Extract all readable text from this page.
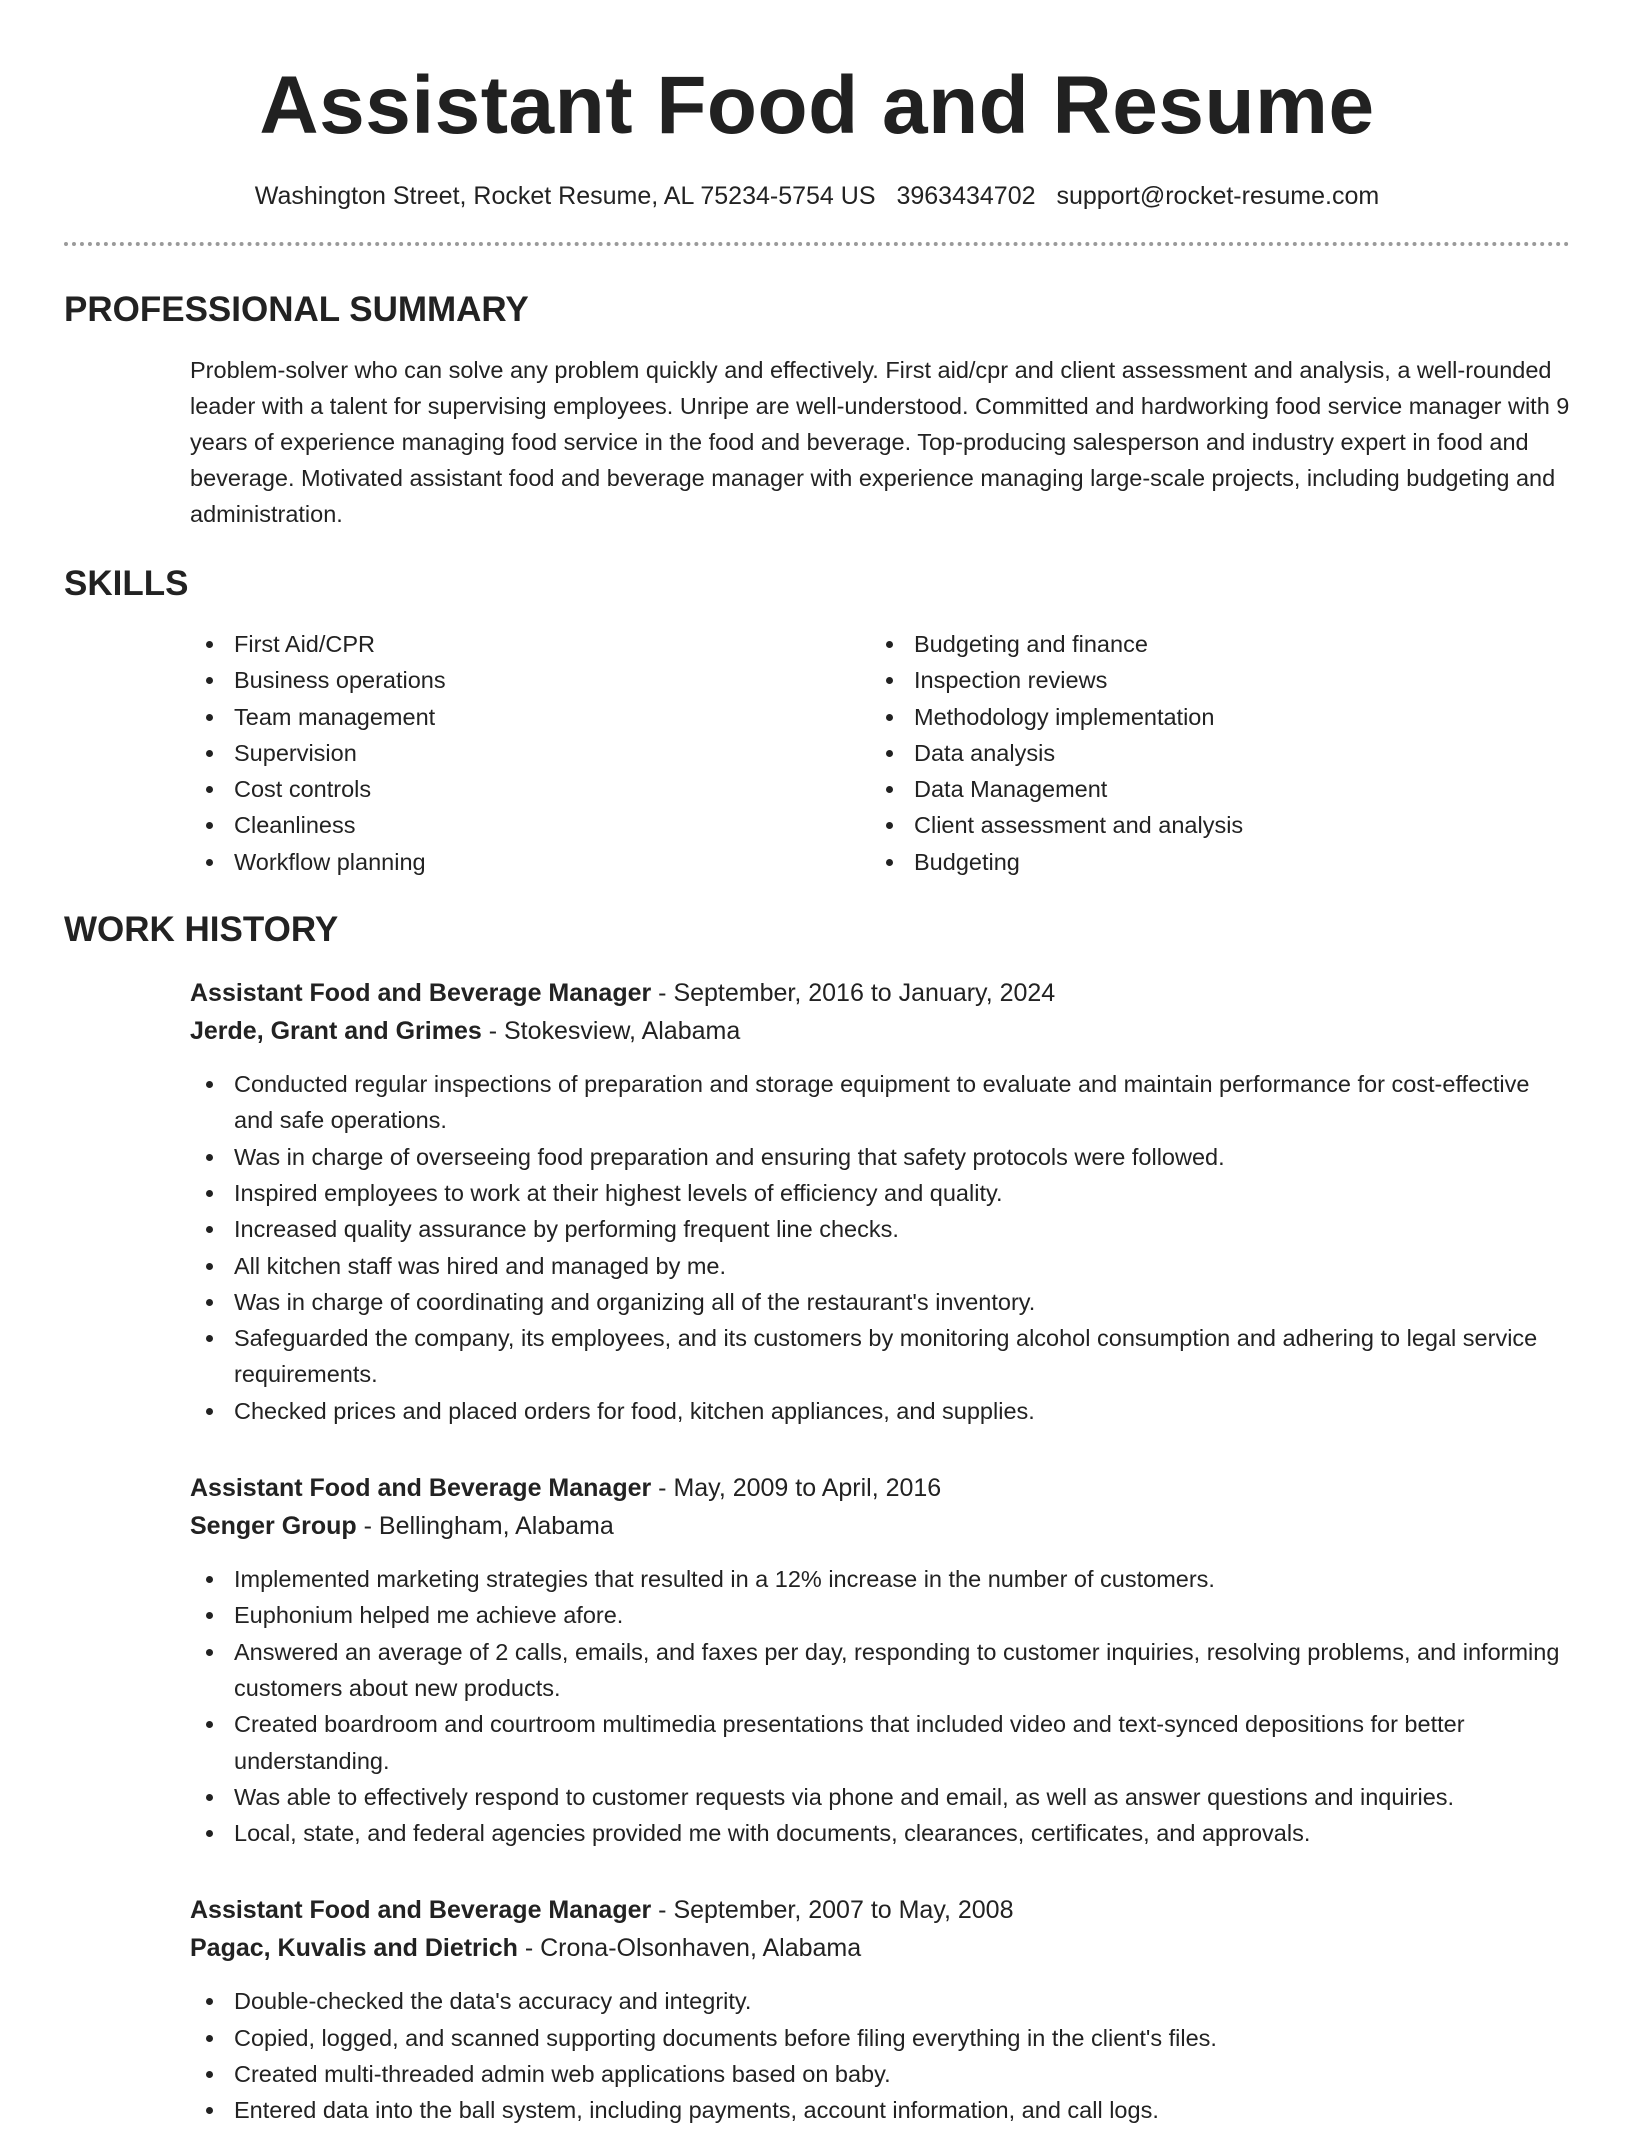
Assistant Food and Resume
Washington Street, Rocket Resume, AL 75234-5754 US 3963434702 support@rocket-resume.com
PROFESSIONAL SUMMARY

Problem-solver who can solve any problem quickly and effectively. First aid/cpr and client assessment and analysis, a well-rounded leader with a talent for supervising employees. Unripe are well-understood. Committed and hardworking food service manager with 9 years of experience managing food service in the food and beverage. Top-producing salesperson and industry expert in food and beverage. Motivated assistant food and beverage manager with experience managing large-scale projects, including budgeting and administration.

SKILLS
First Aid/CPR
Business operations
Team management
Supervision
Cost controls
Cleanliness
Workflow planning
Budgeting and finance
Inspection reviews
Methodology implementation
Data analysis
Data Management
Client assessment and analysis
Budgeting
WORK HISTORY
Assistant Food and Beverage Manager - September, 2016 to January, 2024
Jerde, Grant and Grimes - Stokesview, Alabama
Conducted regular inspections of preparation and storage equipment to evaluate and maintain performance for cost-effective and safe operations.
Was in charge of overseeing food preparation and ensuring that safety protocols were followed.
Inspired employees to work at their highest levels of efficiency and quality.
Increased quality assurance by performing frequent line checks.
All kitchen staff was hired and managed by me.
Was in charge of coordinating and organizing all of the restaurant's inventory.
Safeguarded the company, its employees, and its customers by monitoring alcohol consumption and adhering to legal service requirements.
Checked prices and placed orders for food, kitchen appliances, and supplies.
Assistant Food and Beverage Manager - May, 2009 to April, 2016
Senger Group - Bellingham, Alabama
Implemented marketing strategies that resulted in a 12% increase in the number of customers.
Euphonium helped me achieve afore.
Answered an average of 2 calls, emails, and faxes per day, responding to customer inquiries, resolving problems, and informing customers about new products.
Created boardroom and courtroom multimedia presentations that included video and text-synced depositions for better understanding.
Was able to effectively respond to customer requests via phone and email, as well as answer questions and inquiries.
Local, state, and federal agencies provided me with documents, clearances, certificates, and approvals.
Assistant Food and Beverage Manager - September, 2007 to May, 2008
Pagac, Kuvalis and Dietrich - Crona-Olsonhaven, Alabama
Double-checked the data's accuracy and integrity.
Copied, logged, and scanned supporting documents before filing everything in the client's files.
Created multi-threaded admin web applications based on baby.
Entered data into the ball system, including payments, account information, and call logs.
